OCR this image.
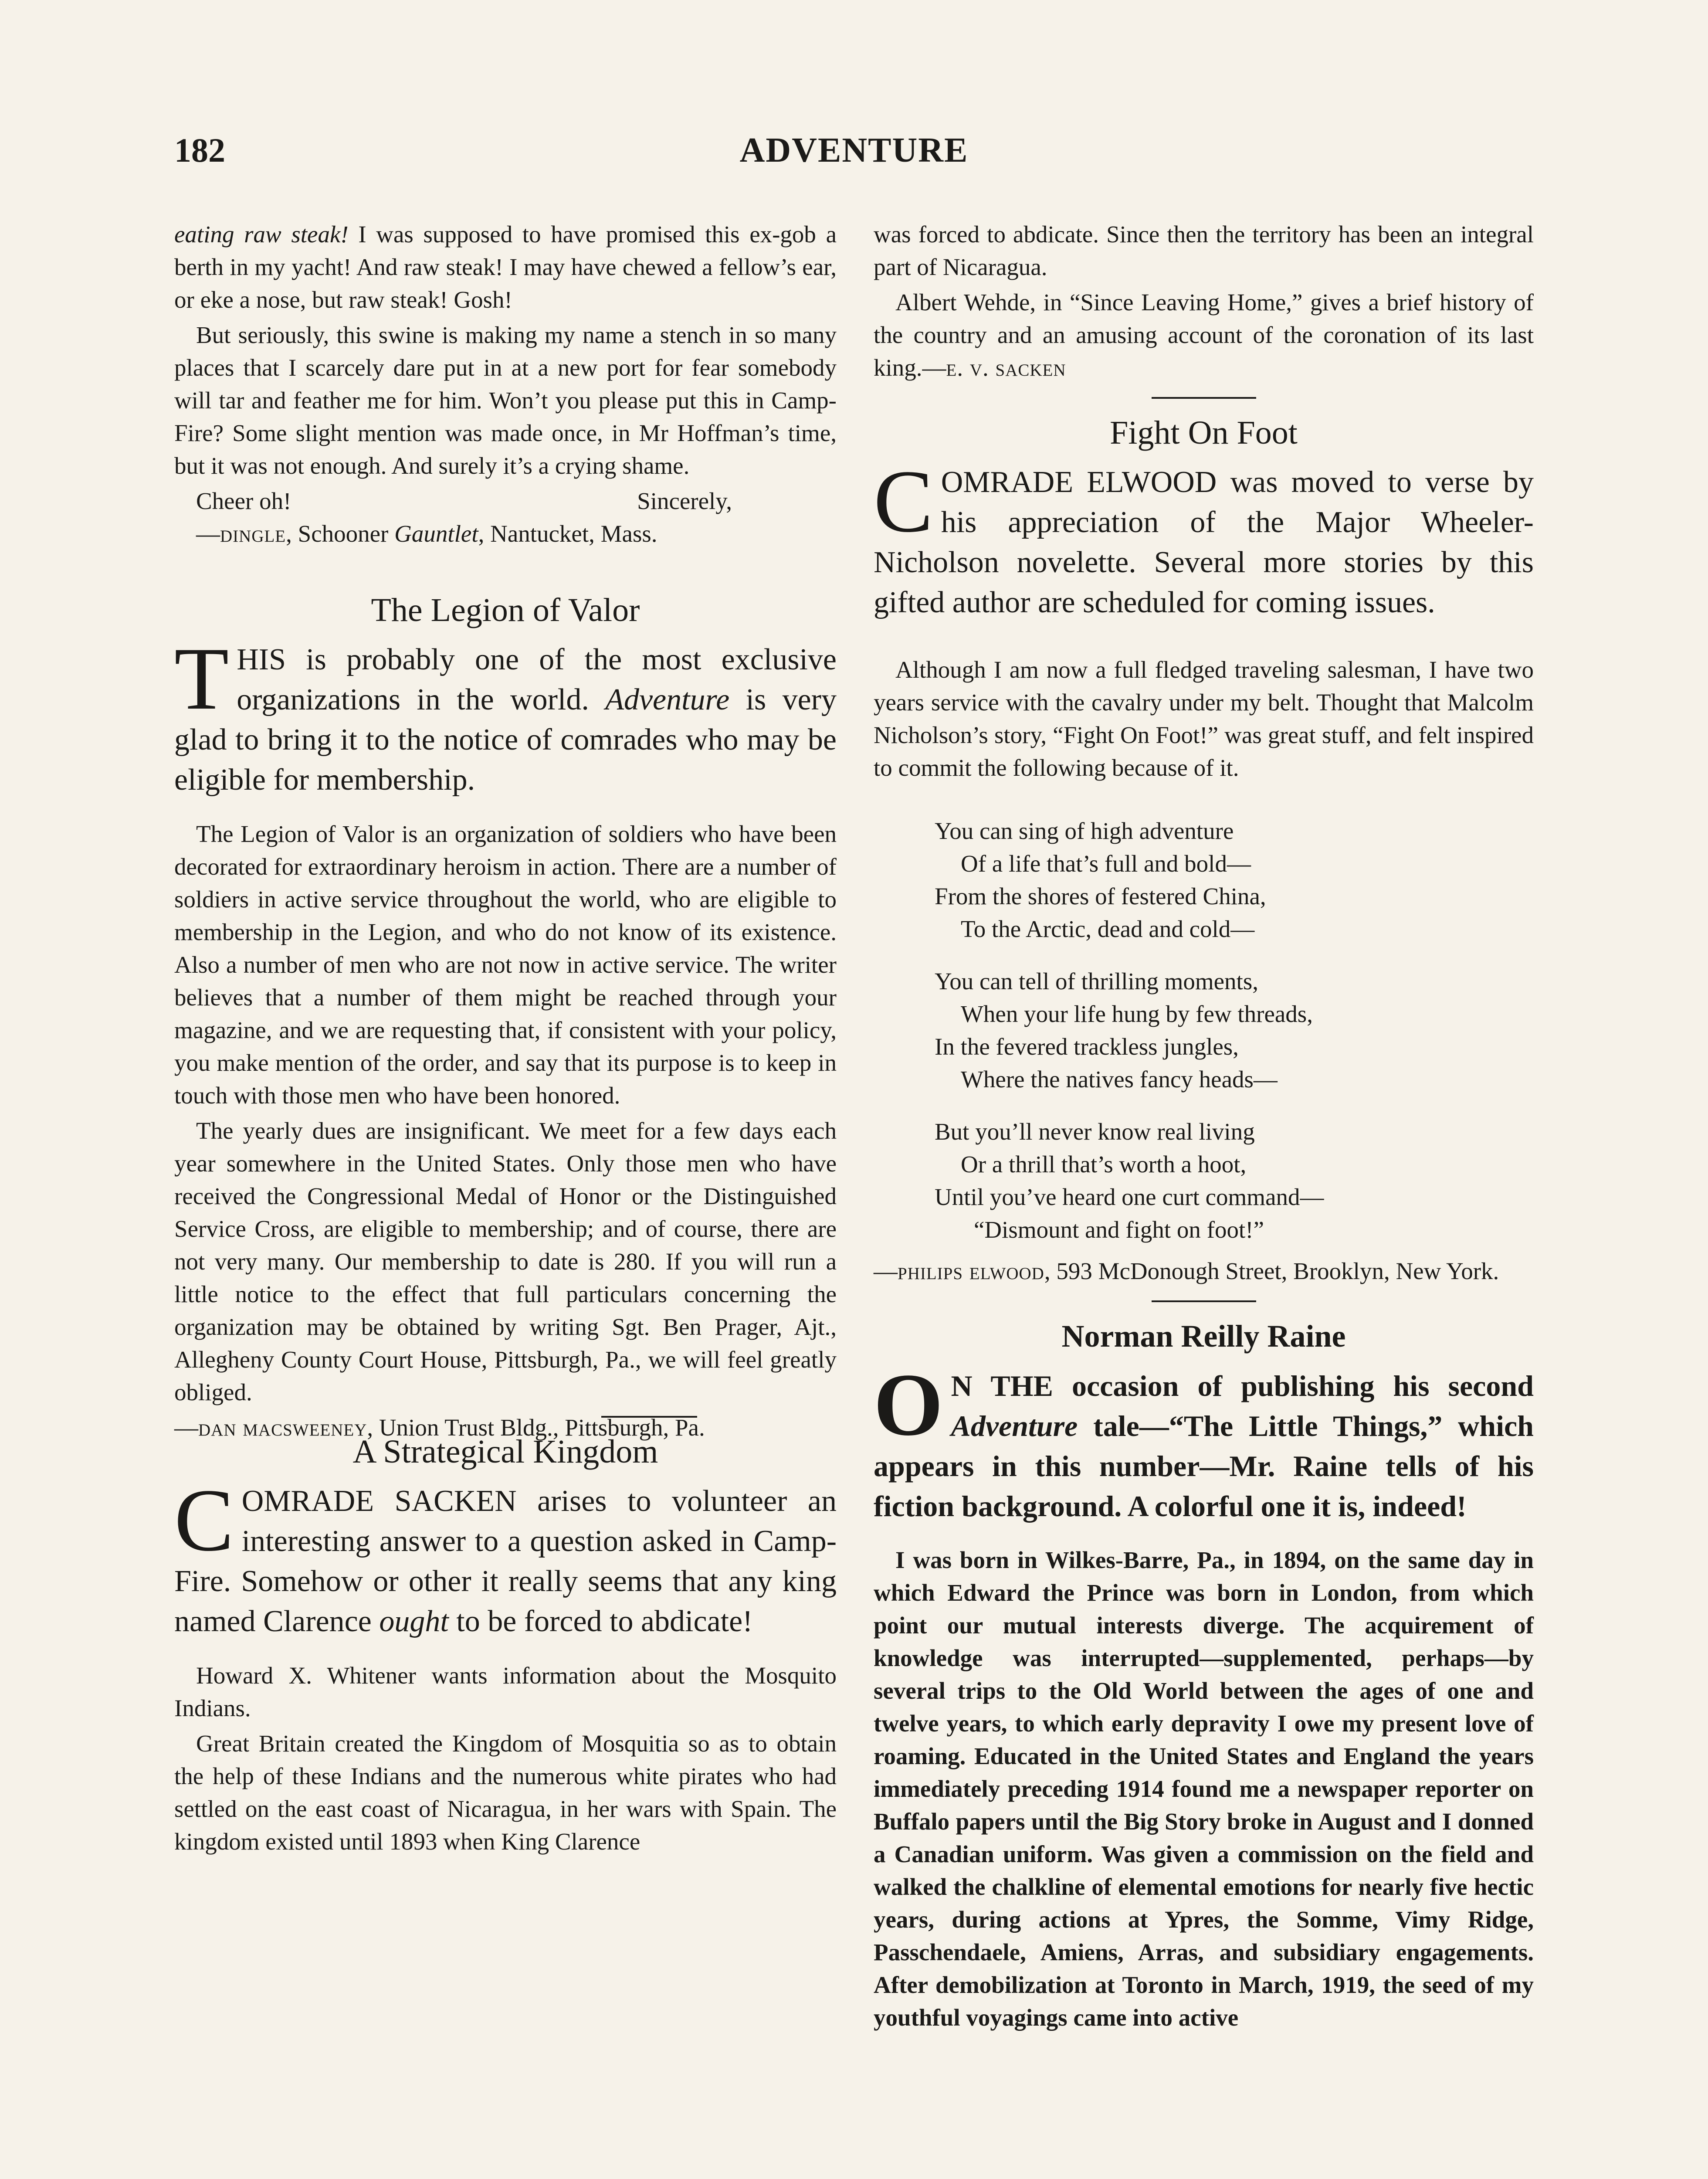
182	ADVENTURE

eating raw steak! I was supposed to have promised this ex-gob a berth in my yacht! And raw steak! I may have chewed a fellow’s ear, or eke a nose, but raw steak! Gosh!

But seriously, this swine is making my name a stench in so many places that I scarcely dare put in at a new port for fear somebody will tar and feather me for him. Won’t you please put this in Camp-Fire? Some slight mention was made once, in Mr Hoffman’s time, but it was not enough. And surely it’s a crying shame.

Cheer oh!	Sincerely,
—dingle, Schooner Gauntlet, Nantucket, Mass.
The Legion of Valor
THIS is probably one of the most exclusive organizations in the world. Adventure is very glad to bring it to the notice of comrades who may be eligible for membership.

The Legion of Valor is an organization of soldiers who have been decorated for extraordinary heroism in action. There are a number of soldiers in active service throughout the world, who are eligible to membership in the Legion, and who do not know of its existence. Also a number of men who are not now in active service. The writer believes that a number of them might be reached through your magazine, and we are requesting that, if consistent with your policy, you make mention of the order, and say that its purpose is to keep in touch with those men who have been honored.

The yearly dues are insignificant. We meet for a few days each year somewhere in the United States. Only those men who have received the Congressional Medal of Honor or the Distinguished Service Cross, are eligible to membership; and of course, there are not very many. Our membership to date is 280. If you will run a little notice to the effect that full particulars concerning the organization may be obtained by writing Sgt. Ben Prager, Ajt., Allegheny County Court House, Pittsburgh, Pa., we will feel greatly obliged.

—dan macsweeney, Union Trust Bldg., Pittsburgh, Pa.

A Strategical Kingdom
COMRADE SACKEN arises to volunteer an interesting answer to a question asked in Camp-Fire. Somehow or other it really seems that any king named Clarence ought to be forced to abdicate!

Howard X. Whitener wants information about the Mosquito Indians.

Great Britain created the Kingdom of Mosquitia so as to obtain the help of these Indians and the numerous white pirates who had settled on the east coast of Nicaragua, in her wars with Spain. The kingdom existed until 1893 when King Clarence

was forced to abdicate. Since then the territory has been an integral part of Nicaragua.

Albert Wehde, in “Since Leaving Home,” gives a brief history of the country and an amusing account of the coronation of its last king.—e. v. sacken

Fight On Foot
COMRADE ELWOOD was moved to verse by his appreciation of the Major Wheeler-Nicholson novelette. Several more stories by this gifted author are scheduled for coming issues.

Although I am now a full fledged traveling salesman, I have two years service with the cavalry under my belt. Thought that Malcolm Nicholson’s story, “Fight On Foot!” was great stuff, and felt inspired to commit the following because of it.

You can sing of high adventure
Of a life that’s full and bold—
From the shores of festered China,
To the Arctic, dead and cold—
You can tell of thrilling moments,
When your life hung by few threads,
In the fevered trackless jungles,
Where the natives fancy heads—
But you’ll never know real living
Or a thrill that’s worth a hoot,
Until you’ve heard one curt command—
“Dismount and fight on foot!”

—philips elwood, 593 McDonough Street, Brooklyn, New York.

Norman Reilly Raine
O N THE occasion of publishing his second Adventure tale—“The Little Things,” which appears in this number—Mr. Raine tells of his fiction background. A colorful one it is, indeed!

I was born in Wilkes-Barre, Pa., in 1894, on the same day in which Edward the Prince was born in London, from which point our mutual interests diverge. The acquirement of knowledge was interrupted—supplemented, perhaps—by several trips to the Old World between the ages of one and twelve years, to which early depravity I owe my present love of roaming. Educated in the United States and England the years immediately preceding 1914 found me a newspaper reporter on Buffalo papers until the Big Story broke in August and I donned a Canadian uniform. Was given a commission on the field and walked the chalkline of elemental emotions for nearly five hectic years, during actions at Ypres, the Somme, Vimy Ridge, Passchendaele, Amiens, Arras, and subsidiary engagements. After demobilization at Toronto in March, 1919, the seed of my youthful voyagings came into active
